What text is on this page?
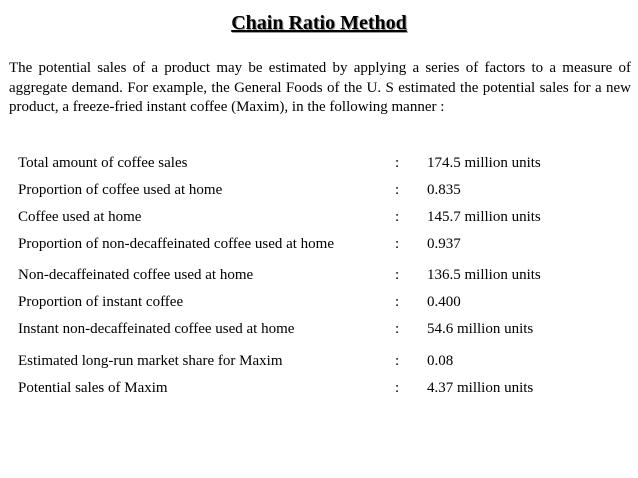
Chain Ratio Method

The potential sales of a product may be estimated by applying a series of factors to a measure of aggregate demand. For example, the General Foods of the U. S estimated the potential sales for a new product, a freeze-fried instant coffee (Maxim), in the following manner :

Total amount of coffee sales	: 174.5 million units
Proportion of coffee used at home	: 0.835
Coffee used at home	: 145.7 million units
Proportion of non-decaffeinated coffee used at home	: 0.937
Non-decaffeinated coffee used at home	: 136.5 million units
Proportion of instant coffee	: 0.400
Instant non-decaffeinated coffee used at home	: 54.6 million units
Estimated long-run market share for Maxim	: 0.08
Potential sales of Maxim	: 4.37 million units
